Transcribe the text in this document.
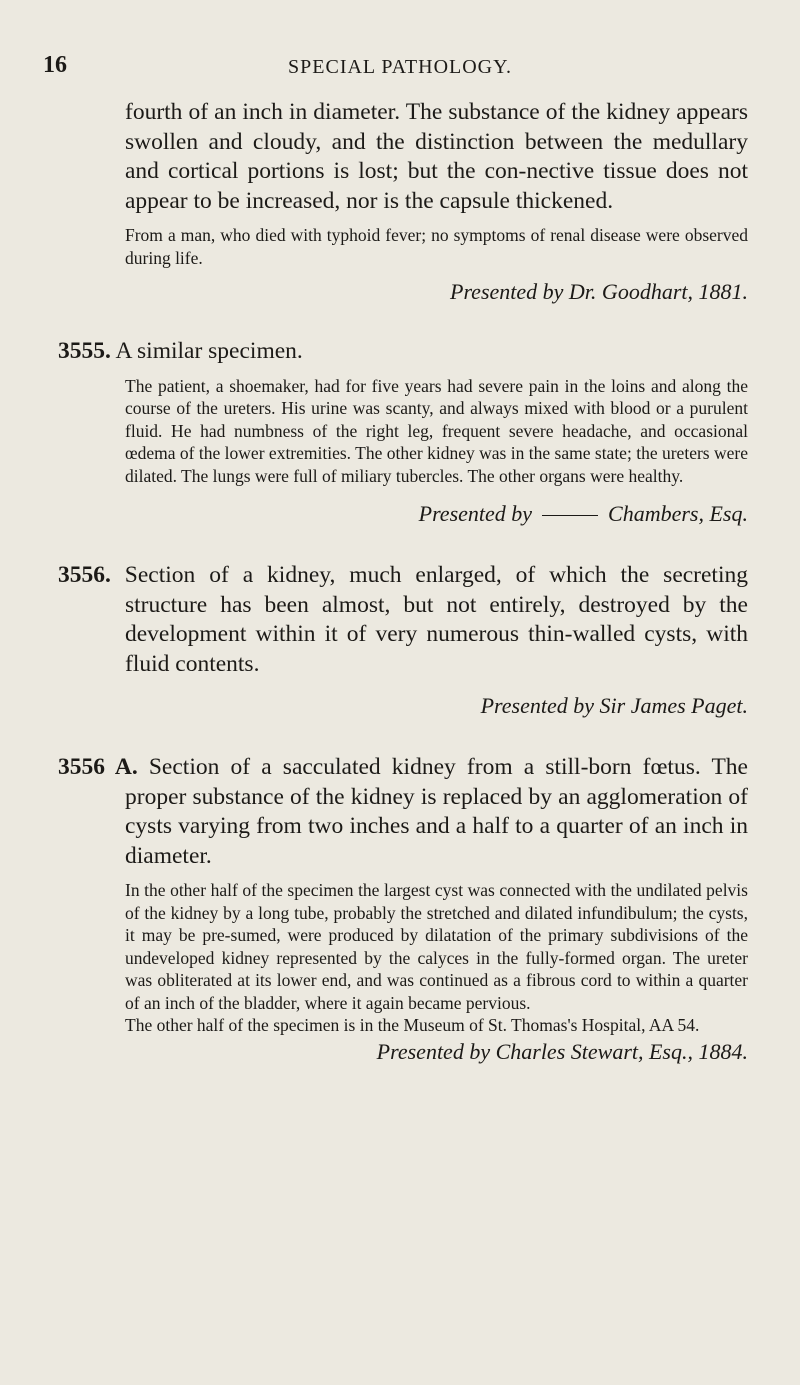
16	SPECIAL PATHOLOGY.

fourth of an inch in diameter. The substance of the kidney appears swollen and cloudy, and the distinction between the medullary and cortical portions is lost; but the con-nective tissue does not appear to be increased, nor is the capsule thickened.

From a man, who died with typhoid fever; no symptoms of renal disease were observed during life.

Presented by Dr. Goodhart, 1881.

3555. A similar specimen.

The patient, a shoemaker, had for five years had severe pain in the loins and along the course of the ureters. His urine was scanty, and always mixed with blood or a purulent fluid. He had numbness of the right leg, frequent severe headache, and occasional œdema of the lower extremities. The other kidney was in the same state; the ureters were dilated. The lungs were full of miliary tubercles. The other organs were healthy.

Presented by	Chambers, Esq.

3556. Section of a kidney, much enlarged, of which the secreting structure has been almost, but not entirely, destroyed by the development within it of very numerous thin-walled cysts, with fluid contents.

Presented by Sir James Paget.

3556 A. Section of a sacculated kidney from a still-born fœtus. The proper substance of the kidney is replaced by an agglomeration of cysts varying from two inches and a half to a quarter of an inch in diameter.

In the other half of the specimen the largest cyst was connected with the undilated pelvis of the kidney by a long tube, probably the stretched and dilated infundibulum; the cysts, it may be pre-sumed, were produced by dilatation of the primary subdivisions of the undeveloped kidney represented by the calyces in the fully-formed organ. The ureter was obliterated at its lower end, and was continued as a fibrous cord to within a quarter of an inch of the bladder, where it again became pervious.

The other half of the specimen is in the Museum of St. Thomas's Hospital, AA 54.

Presented by Charles Stewart, Esq., 1884.
